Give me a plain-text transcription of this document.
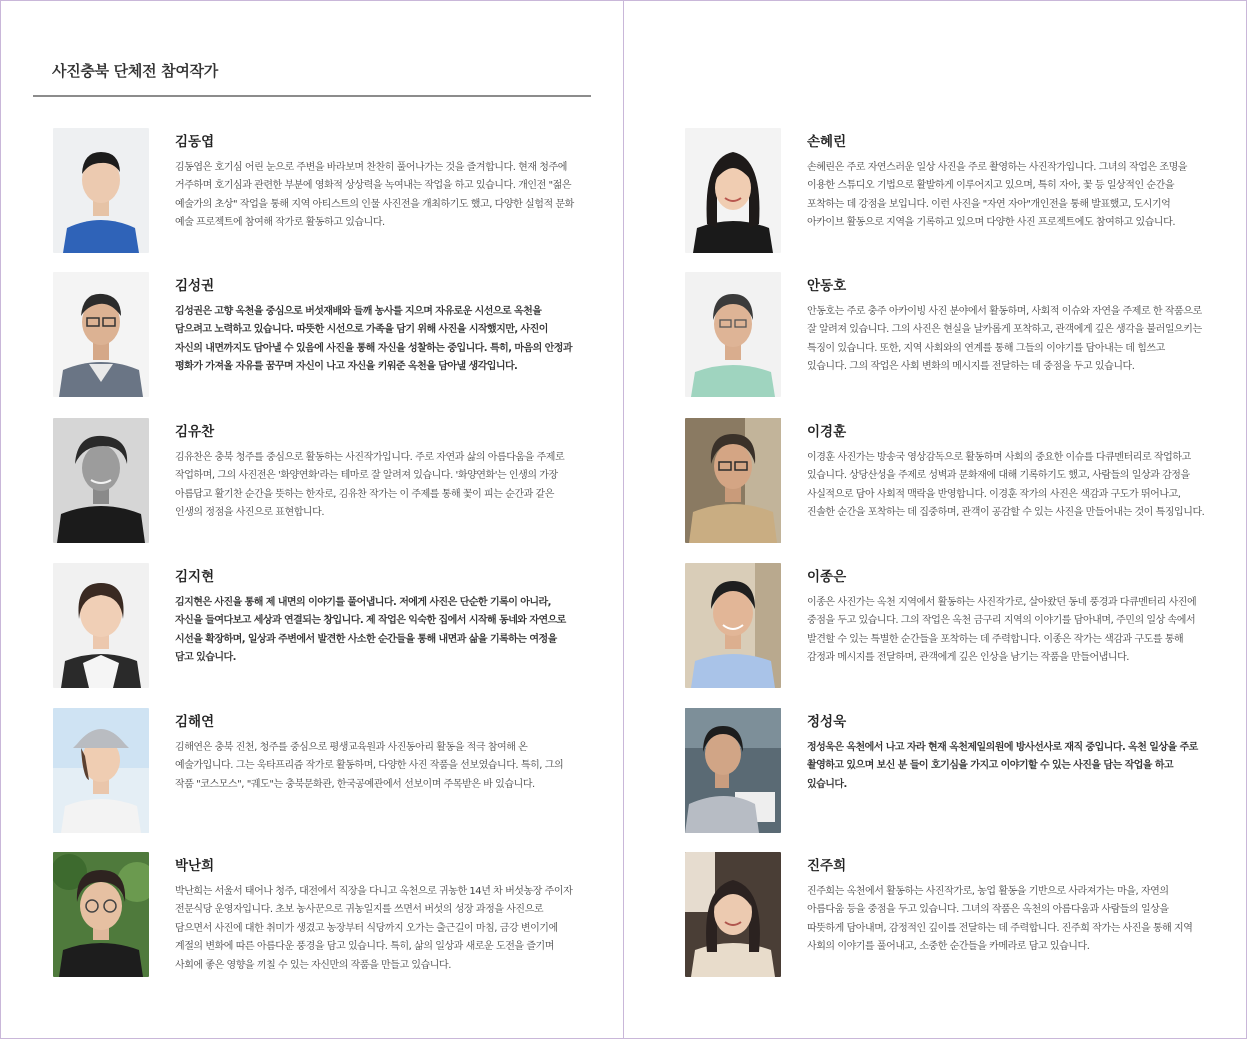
사진충북 단체전 참여작가
김동엽

김동엽은 호기심 어린 눈으로 주변을 바라보며 찬찬히 풀어나가는 것을 즐겨합니다. 현재 청주에 거주하며 호기심과 관련한 부분에 영화적 상상력을 녹여내는 작업을 하고 있습니다. 개인전 "젊은 예술가의 초상" 작업을 통해 지역 아티스트의 인물 사진전을 개최하기도 했고, 다양한 실험적 문화 예술 프로젝트에 참여해 작가로 활동하고 있습니다.

김성권

김성권은 고향 옥천을 중심으로 버섯재배와 들깨 농사를 지으며 자유로운 시선으로 옥천을 담으려고 노력하고 있습니다. 따뜻한 시선으로 가족을 담기 위해 사진을 시작했지만, 사진이 자신의 내면까지도 담아낼 수 있음에 사진을 통해 자신을 성찰하는 중입니다. 특히, 마음의 안정과 평화가 가져올 자유를 꿈꾸며 자신이 나고 자신을 키워준 옥천을 담아낼 생각입니다.

김유찬

김유찬은 충북 청주를 중심으로 활동하는 사진작가입니다. 주로 자연과 삶의 아름다움을 주제로 작업하며, 그의 사진전은 '화양연화'라는 테마로 잘 알려져 있습니다. '화양연화'는 인생의 가장 아름답고 활기찬 순간을 뜻하는 한자로, 김유찬 작가는 이 주제를 통해 꽃이 피는 순간과 같은 인생의 정점을 사진으로 표현합니다.

김지현

김지현은 사진을 통해 제 내면의 이야기를 풀어냅니다. 저에게 사진은 단순한 기록이 아니라, 자신을 들여다보고 세상과 연결되는 창입니다. 제 작업은 익숙한 집에서 시작해 동네와 자연으로 시선을 확장하며, 일상과 주변에서 발견한 사소한 순간들을 통해 내면과 삶을 기록하는 여정을 담고 있습니다.

김해연

김해연은 충북 진천, 청주를 중심으로 평생교육원과 사진동아리 활동을 적극 참여해 온 예술가입니다. 그는 욱타프리즘 작가로 활동하며, 다양한 사진 작품을 선보였습니다. 특히, 그의 작품 "코스모스", "궤도"는 충북문화관, 한국공예관에서 선보이며 주목받은 바 있습니다.

박난희

박난희는 서울서 태어나 청주, 대전에서 직장을 다니고 옥천으로 귀농한 14년 차 버섯농장 주이자 전문식당 운영자입니다. 초보 농사꾼으로 귀농일지를 쓰면서 버섯의 성장 과정을 사진으로 담으면서 사진에 대한 취미가 생겼고 농장부터 식당까지 오가는 출근길이 마침, 금강 변이기에 계절의 변화에 따른 아름다운 풍경을 담고 있습니다. 특히, 삶의 일상과 새로운 도전을 즐기며 사회에 좋은 영향을 끼칠 수 있는 자신만의 작품을 만들고 있습니다.

손혜린

손혜린은 주로 자연스러운 일상 사진을 주로 촬영하는 사진작가입니다. 그녀의 작업은 조명을 이용한 스튜디오 기법으로 활발하게 이루어지고 있으며, 특히 자아, 꽃 등 일상적인 순간을 포착하는 데 강점을 보입니다. 이런 사진을 "자연 자아"개인전을 통해 발표했고, 도시기억 아카이브 활동으로 지역을 기록하고 있으며 다양한 사진 프로젝트에도 참여하고 있습니다.

안동호

안동호는 주로 충주 아카이빙 사진 분야에서 활동하며, 사회적 이슈와 자연을 주제로 한 작품으로 잘 알려져 있습니다. 그의 사진은 현실을 날카롭게 포착하고, 관객에게 깊은 생각을 불러일으키는 특징이 있습니다. 또한, 지역 사회와의 연계를 통해 그들의 이야기를 담아내는 데 힘쓰고 있습니다. 그의 작업은 사회 변화의 메시지를 전달하는 데 중점을 두고 있습니다.

이경훈

이경훈 사진가는 방송국 영상감독으로 활동하며 사회의 중요한 이슈를 다큐멘터리로 작업하고 있습니다. 상당산성을 주제로 성벽과 문화재에 대해 기록하기도 했고, 사람들의 일상과 감정을 사실적으로 담아 사회적 맥락을 반영합니다. 이경훈 작가의 사진은 색감과 구도가 뛰어나고, 진솔한 순간을 포착하는 데 집중하며, 관객이 공감할 수 있는 사진을 만들어내는 것이 특징입니다.

이종은

이종은 사진가는 옥천 지역에서 활동하는 사진작가로, 살아왔던 동네 풍경과 다큐멘터리 사진에 중점을 두고 있습니다. 그의 작업은 옥천 금구리 지역의 이야기를 담아내며, 주민의 일상 속에서 발견할 수 있는 특별한 순간들을 포착하는 데 주력합니다. 이종은 작가는 색감과 구도를 통해 감정과 메시지를 전달하며, 관객에게 깊은 인상을 남기는 작품을 만들어냅니다.

정성욱

정성욱은 옥천에서 나고 자라 현재 옥천제일의원에 방사선사로 재직 중입니다. 옥천 일상을 주로 촬영하고 있으며 보신 분 들이 호기심을 가지고 이야기할 수 있는 사진을 담는 작업을 하고 있습니다.

진주희

진주희는 옥천에서 활동하는 사진작가로, 농업 활동을 기반으로 사라져가는 마을, 자연의 아름다움 등을 중점을 두고 있습니다. 그녀의 작품은 옥천의 아름다움과 사람들의 일상을 따뜻하게 담아내며, 감정적인 깊이를 전달하는 데 주력합니다. 진주희 작가는 사진을 통해 지역 사회의 이야기를 풀어내고, 소중한 순간들을 카메라로 담고 있습니다.
